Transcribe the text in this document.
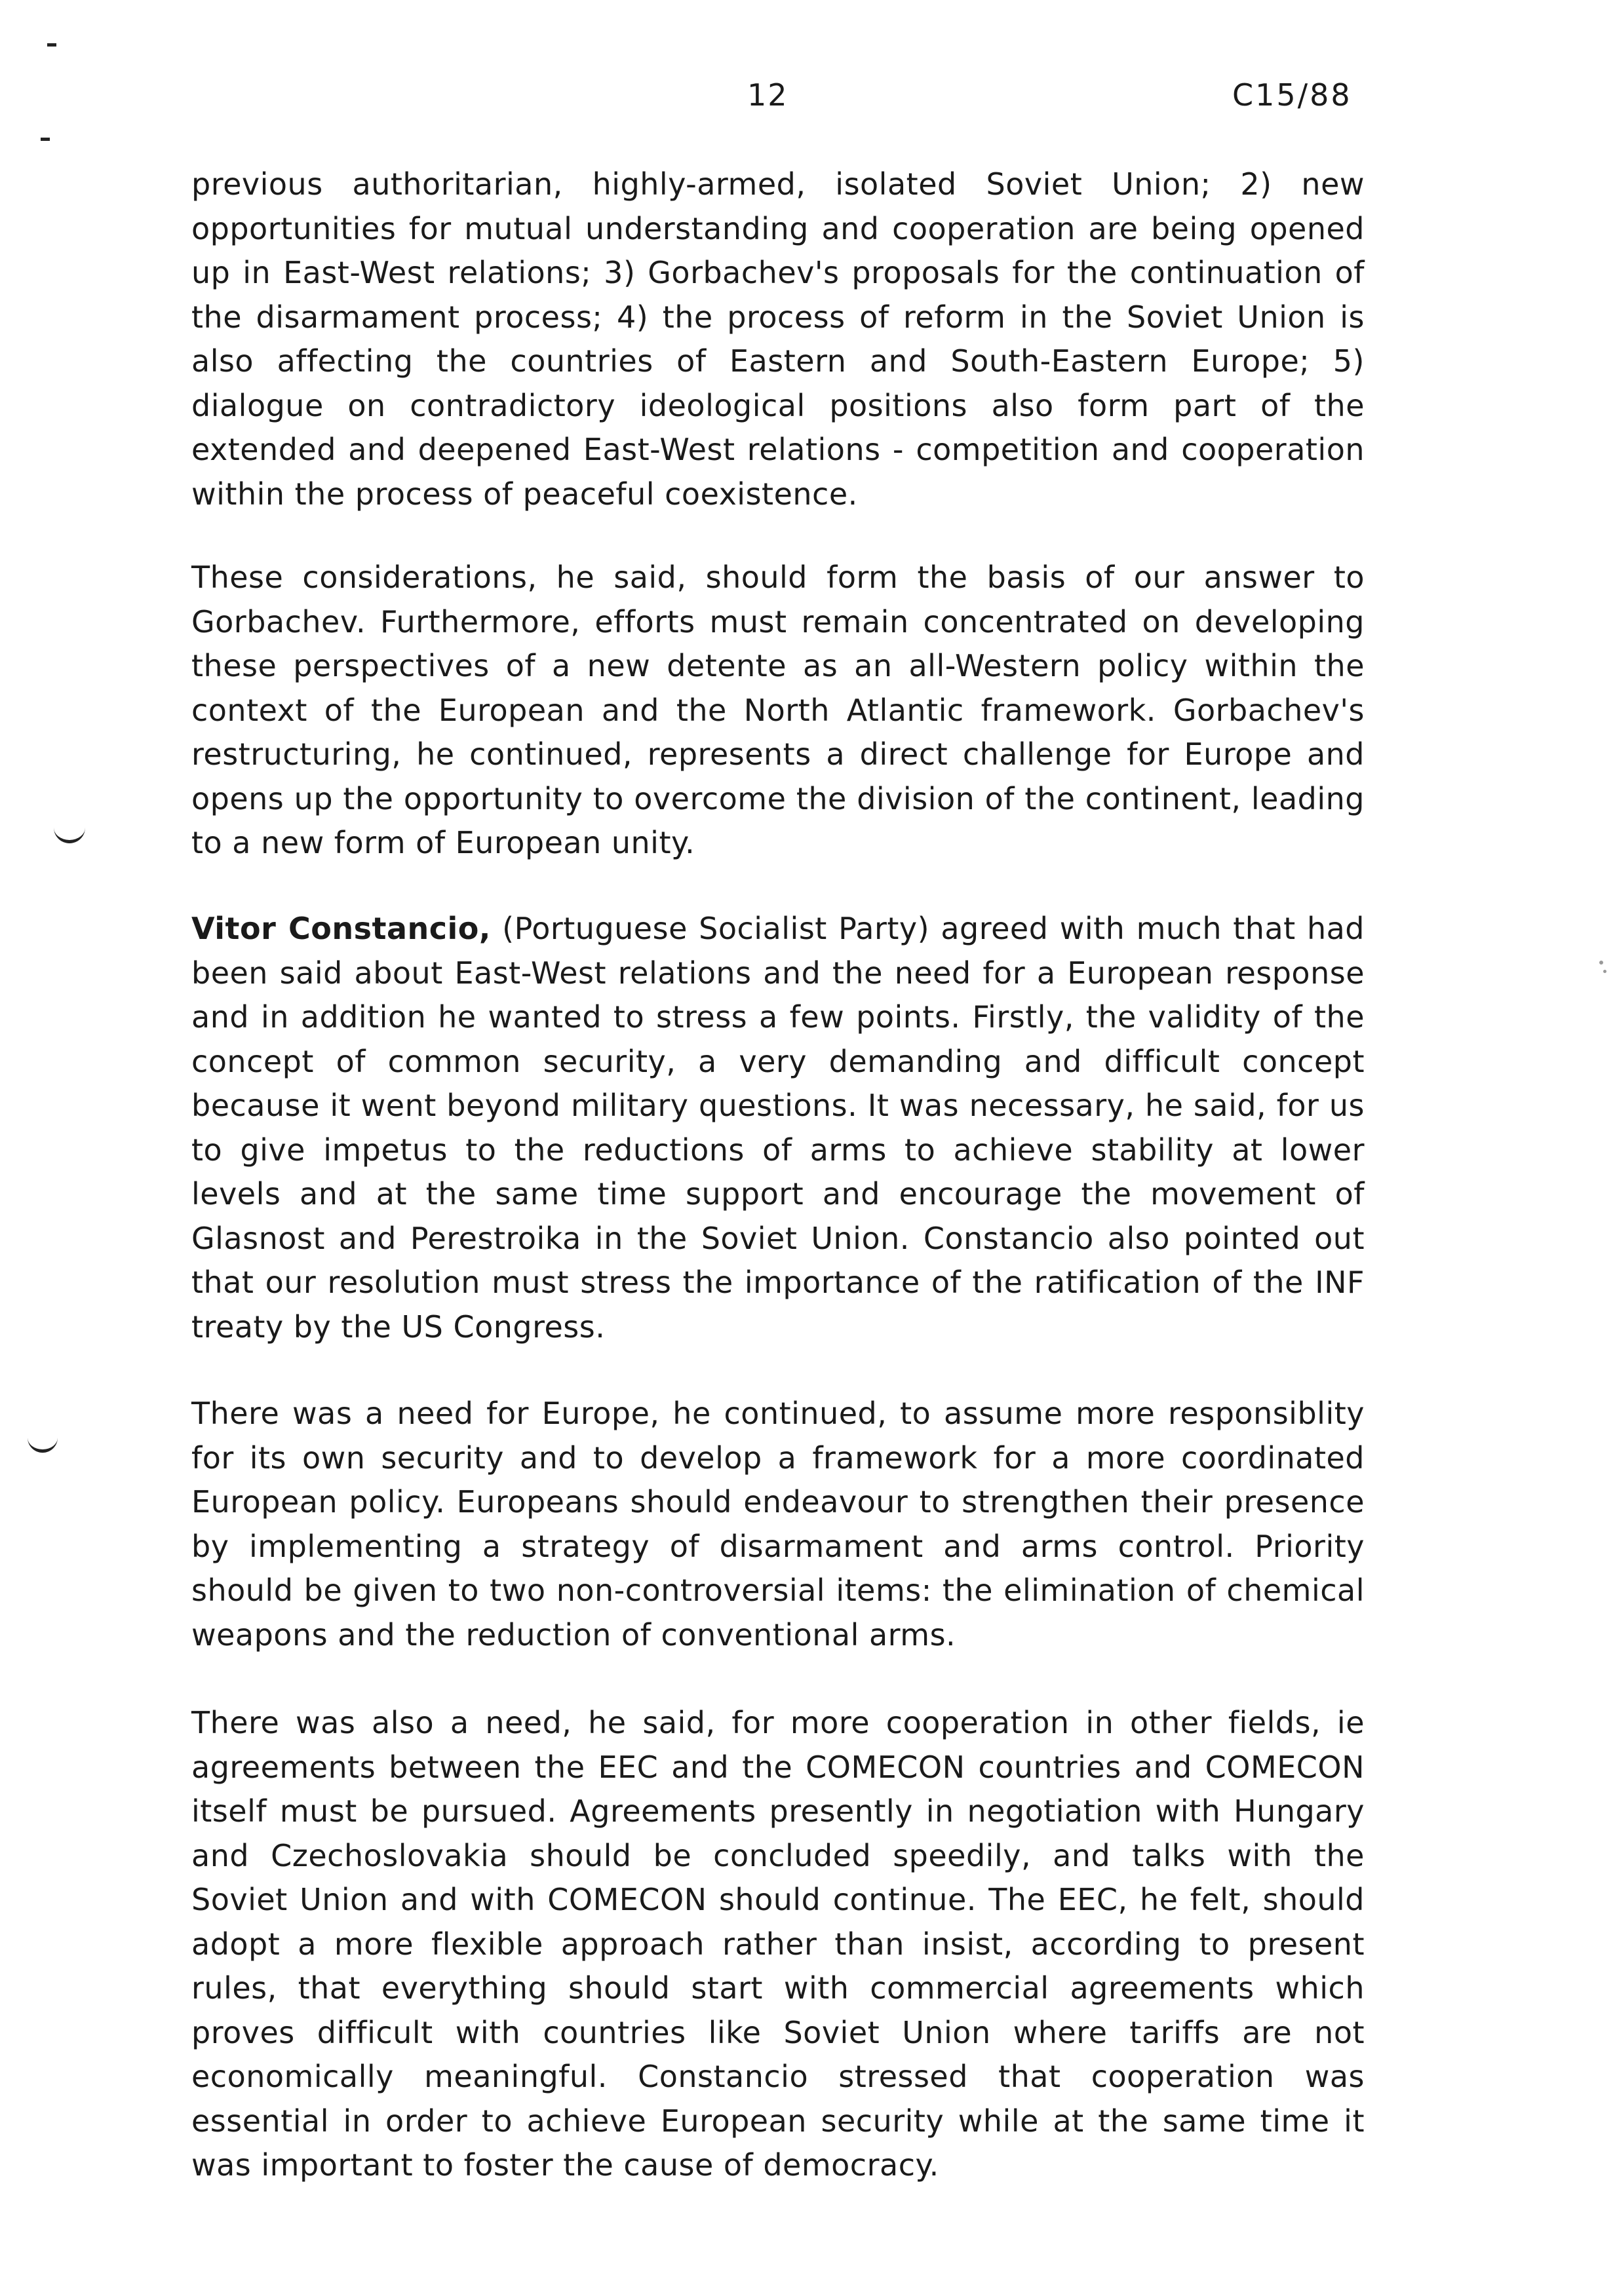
12	C15/88

previous authoritarian, highly-armed, isolated Soviet Union; 2) new opportunities for mutual understanding and cooperation are being opened up in East-West relations; 3) Gorbachev's proposals for the continuation of the disarmament process; 4) the process of reform in the Soviet Union is also affecting the countries of Eastern and South-Eastern Europe; 5) dialogue on contradictory ideological positions also form part of the extended and deepened East-West relations - competition and cooperation within the process of peaceful coexistence.

These considerations, he said, should form the basis of our answer to Gorbachev. Furthermore, efforts must remain concentrated on developing these perspectives of a new detente as an all-Western policy within the context of the European and the North Atlantic framework. Gorbachev's restructuring, he continued, represents a direct challenge for Europe and opens up the opportunity to overcome the division of the continent, leading to a new form of European unity.

Vitor Constancio, (Portuguese Socialist Party) agreed with much that had been said about East-West relations and the need for a European response and in addition he wanted to stress a few points. Firstly, the validity of the concept of common security, a very demanding and difficult concept because it went beyond military questions. It was necessary, he said, for us to give impetus to the reductions of arms to achieve stability at lower levels and at the same time support and encourage the movement of Glasnost and Perestroika in the Soviet Union. Constancio also pointed out that our resolution must stress the importance of the ratification of the INF treaty by the US Congress.

There was a need for Europe, he continued, to assume more responsiblity for its own security and to develop a framework for a more coordinated European policy. Europeans should endeavour to strengthen their presence by implementing a strategy of disarmament and arms control. Priority should be given to two non-controversial items: the elimination of chemical weapons and the reduction of conventional arms.

There was also a need, he said, for more cooperation in other fields, ie agreements between the EEC and the COMECON countries and COMECON itself must be pursued. Agreements presently in negotiation with Hungary and Czechoslovakia should be concluded speedily, and talks with the Soviet Union and with COMECON should continue. The EEC, he felt, should adopt a more flexible approach rather than insist, according to present rules, that everything should start with commercial agreements which proves difficult with countries like Soviet Union where tariffs are not economically meaningful. Constancio stressed that cooperation was essential in order to achieve European security while at the same time it was important to foster the cause of democracy.
